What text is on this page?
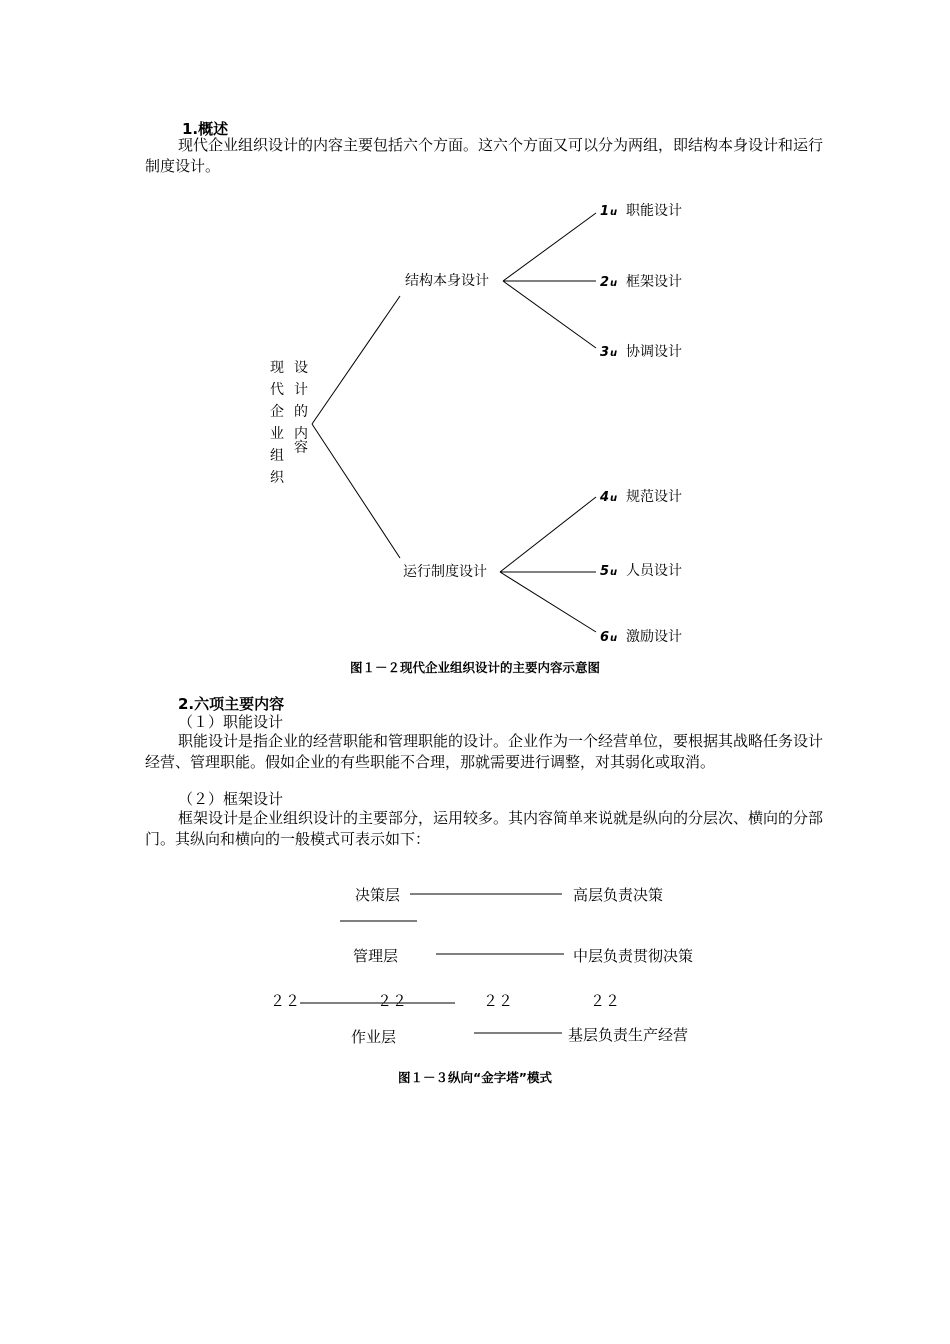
1.概述

现代企业组织设计的内容主要包括六个方面。这六个方面又可以分为两组，即结构本身设计和运行制度设计。

现
代
企
业
组
织
设
计
的
内
容
结构本身设计
运行制度设计
1 u 职能设计
2 u 框架设计
3 u 协调设计
4 u 规范设计
5 u 人员设计
6 u 激励设计
图１－２现代企业组织设计的主要内容示意图
2.六项主要内容
（１）职能设计

职能设计是指企业的经营职能和管理职能的设计。企业作为一个经营单位，要根据其战略任务设计经营、管理职能。假如企业的有些职能不合理，那就需要进行调整，对其弱化或取消。

（２）框架设计

框架设计是企业组织设计的主要部分，运用较多。其内容简单来说就是纵向的分层次、横向的分部门。其纵向和横向的一般模式可表示如下：

决策层	高层负责决策
管理层	中层负责贯彻决策
２２	２２	２２	２２
作业层	基层负责生产经营
图１－３纵向“金字塔”模式
